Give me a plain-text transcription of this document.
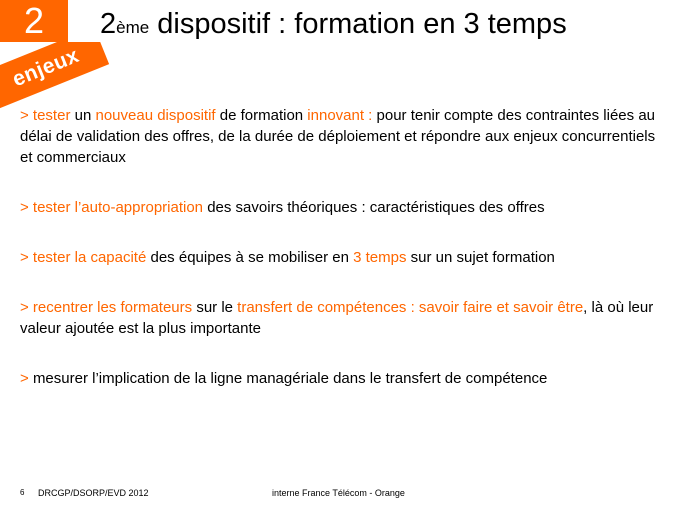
2
enjeux
2ème dispositif : formation en 3 temps
> tester un nouveau dispositif de formation innovant : pour tenir compte des contraintes liées au délai de validation des offres, de la durée de déploiement et répondre aux enjeux concurrentiels et commerciaux
> tester l’auto-appropriation des savoirs théoriques : caractéristiques des offres
> tester la capacité des équipes à se mobiliser en 3 temps sur un sujet formation
> recentrer les formateurs sur le transfert de compétences : savoir faire et savoir être, là où leur valeur ajoutée est la plus importante
> mesurer l’implication de la ligne managériale dans le transfert de compétence
6 DRCGP/DSORP/EVD 2012	interne France Télécom - Orange
